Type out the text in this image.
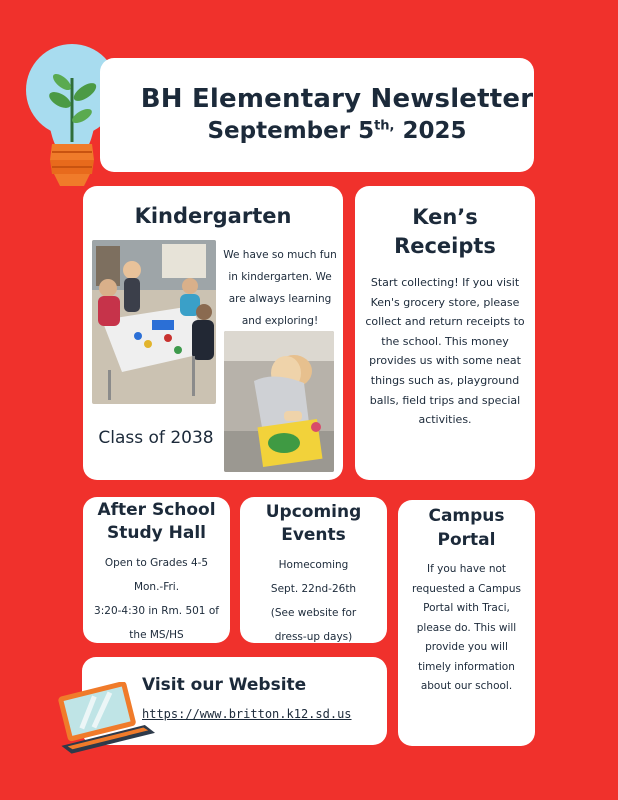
BH Elementary Newsletter
September $5^{th,}$ 2025
Kindergarten
We have so much fun in kindergarten. We are always learning and exploring!
Class of 2038
Ken’s
Receipts

Start collecting! If you visit Ken's grocery store, please collect and return receipts to the school. This money provides us with some neat things such as, playground balls, field trips and special activities.

After School
Study Hall
Open to Grades 4-5
Mon.-Fri.
3:20-4:30 in Rm. 501 of
the MS/HS
Upcoming
Events
Homecoming
Sept. 22nd-26th
(See website for
dress-up days)
Campus
Portal

If you have not requested a Campus Portal with Traci, please do. This will provide you will timely information about our school.

Visit our Website
https://www.britton.k12.sd.us
